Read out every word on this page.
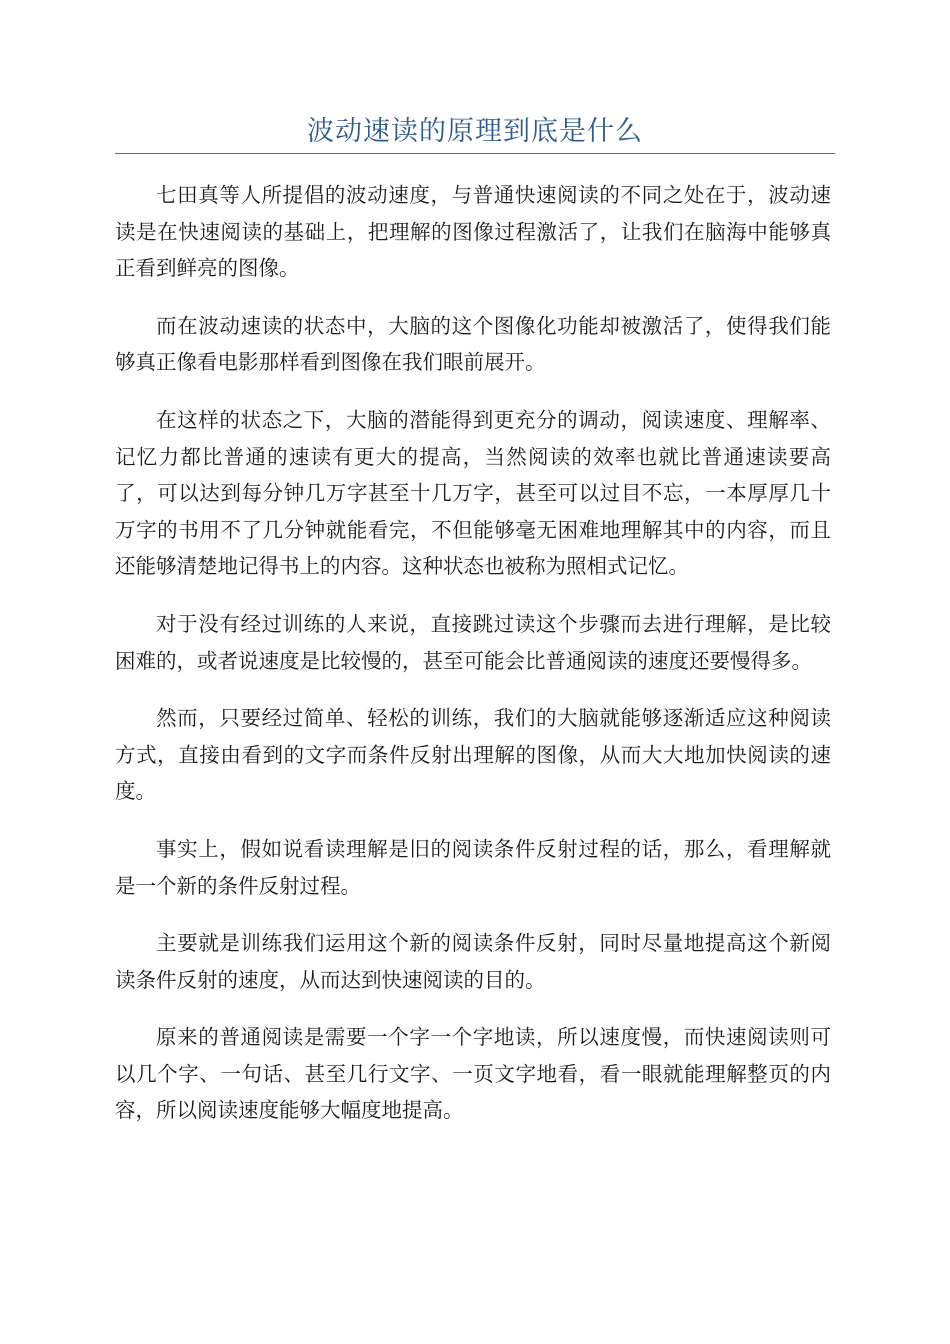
波动速读的原理到底是什么

七田真等人所提倡的波动速度，与普通快速阅读的不同之处在于，波动速读是在快速阅读的基础上，把理解的图像过程激活了，让我们在脑海中能够真正看到鲜亮的图像。

而在波动速读的状态中，大脑的这个图像化功能却被激活了，使得我们能够真正像看电影那样看到图像在我们眼前展开。

在这样的状态之下，大脑的潜能得到更充分的调动，阅读速度、理解率、记忆力都比普通的速读有更大的提高，当然阅读的效率也就比普通速读要高了，可以达到每分钟几万字甚至十几万字，甚至可以过目不忘，一本厚厚几十万字的书用不了几分钟就能看完，不但能够毫无困难地理解其中的内容，而且还能够清楚地记得书上的内容。这种状态也被称为照相式记忆。

对于没有经过训练的人来说，直接跳过读这个步骤而去进行理解，是比较困难的，或者说速度是比较慢的，甚至可能会比普通阅读的速度还要慢得多。

然而，只要经过简单、轻松的训练，我们的大脑就能够逐渐适应这种阅读方式，直接由看到的文字而条件反射出理解的图像，从而大大地加快阅读的速度。

事实上，假如说看读理解是旧的阅读条件反射过程的话，那么，看理解就是一个新的条件反射过程。

主要就是训练我们运用这个新的阅读条件反射，同时尽量地提高这个新阅读条件反射的速度，从而达到快速阅读的目的。

原来的普通阅读是需要一个字一个字地读，所以速度慢，而快速阅读则可以几个字、一句话、甚至几行文字、一页文字地看，看一眼就能理解整页的内容，所以阅读速度能够大幅度地提高。
